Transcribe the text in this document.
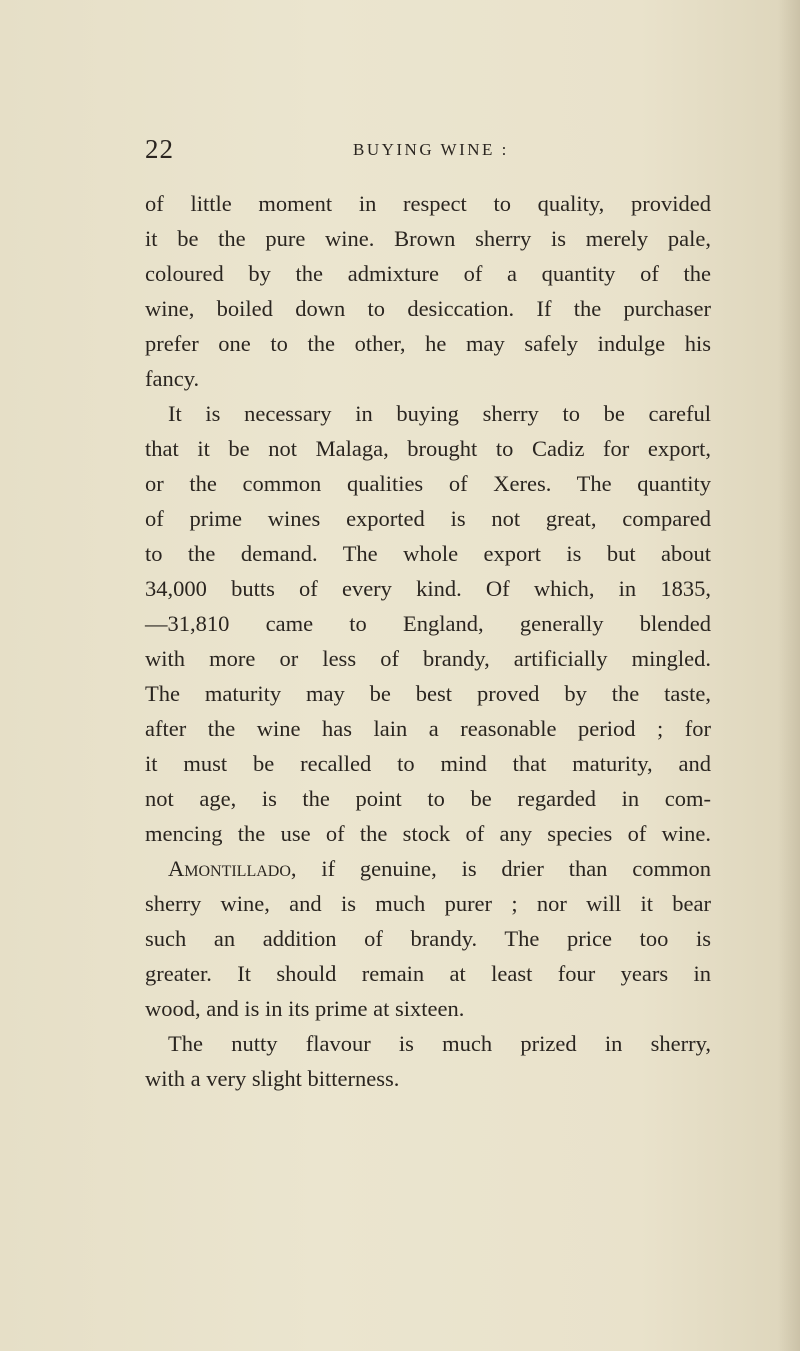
22	BUYING WINE :
of little moment in respect to quality, provided
it be the pure wine. Brown sherry is merely pale,
coloured by the admixture of a quantity of the
wine, boiled down to desiccation. If the purchaser
prefer one to the other, he may safely indulge his
fancy.
It is necessary in buying sherry to be careful
that it be not Malaga, brought to Cadiz for export,
or the common qualities of Xeres. The quantity
of prime wines exported is not great, compared
to the demand. The whole export is but about
34,000 butts of every kind. Of which, in 1835,
—31,810 came to England, generally blended
with more or less of brandy, artificially mingled.
The maturity may be best proved by the taste,
after the wine has lain a reasonable period ; for
it must be recalled to mind that maturity, and
not age, is the point to be regarded in com-
mencing the use of the stock of any species of wine.
Amontillado, if genuine, is drier than common
sherry wine, and is much purer ; nor will it bear
such an addition of brandy. The price too is
greater. It should remain at least four years in
wood, and is in its prime at sixteen.
The nutty flavour is much prized in sherry,
with a very slight bitterness.
